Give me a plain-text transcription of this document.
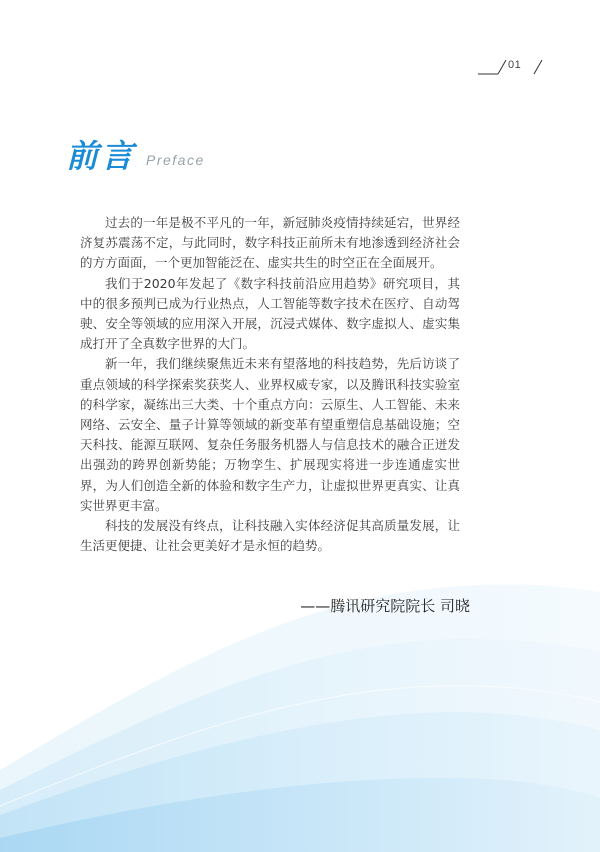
01
前言 Preface

过去的一年是极不平凡的一年，新冠肺炎疫情持续延宕，世界经济复苏震荡不定，与此同时，数字科技正前所未有地渗透到经济社会的方方面面，一个更加智能泛在、虚实共生的时空正在全面展开。

我们于2020年发起了《数字科技前沿应用趋势》研究项目，其中的很多预判已成为行业热点，人工智能等数字技术在医疗、自动驾驶、安全等领域的应用深入开展，沉浸式媒体、数字虚拟人、虚实集成打开了全真数字世界的大门。

新一年，我们继续聚焦近未来有望落地的科技趋势，先后访谈了重点领域的科学探索奖获奖人、业界权威专家，以及腾讯科技实验室的科学家，凝练出三大类、十个重点方向：云原生、人工智能、未来网络、云安全、量子计算等领域的新变革有望重塑信息基础设施；空天科技、能源互联网、复杂任务服务机器人与信息技术的融合正迸发出强劲的跨界创新势能；万物孪生、扩展现实将进一步连通虚实世界，为人们创造全新的体验和数字生产力，让虚拟世界更真实、让真实世界更丰富。

科技的发展没有终点，让科技融入实体经济促其高质量发展，让生活更便捷、让社会更美好才是永恒的趋势。

——腾讯研究院院长 司晓
